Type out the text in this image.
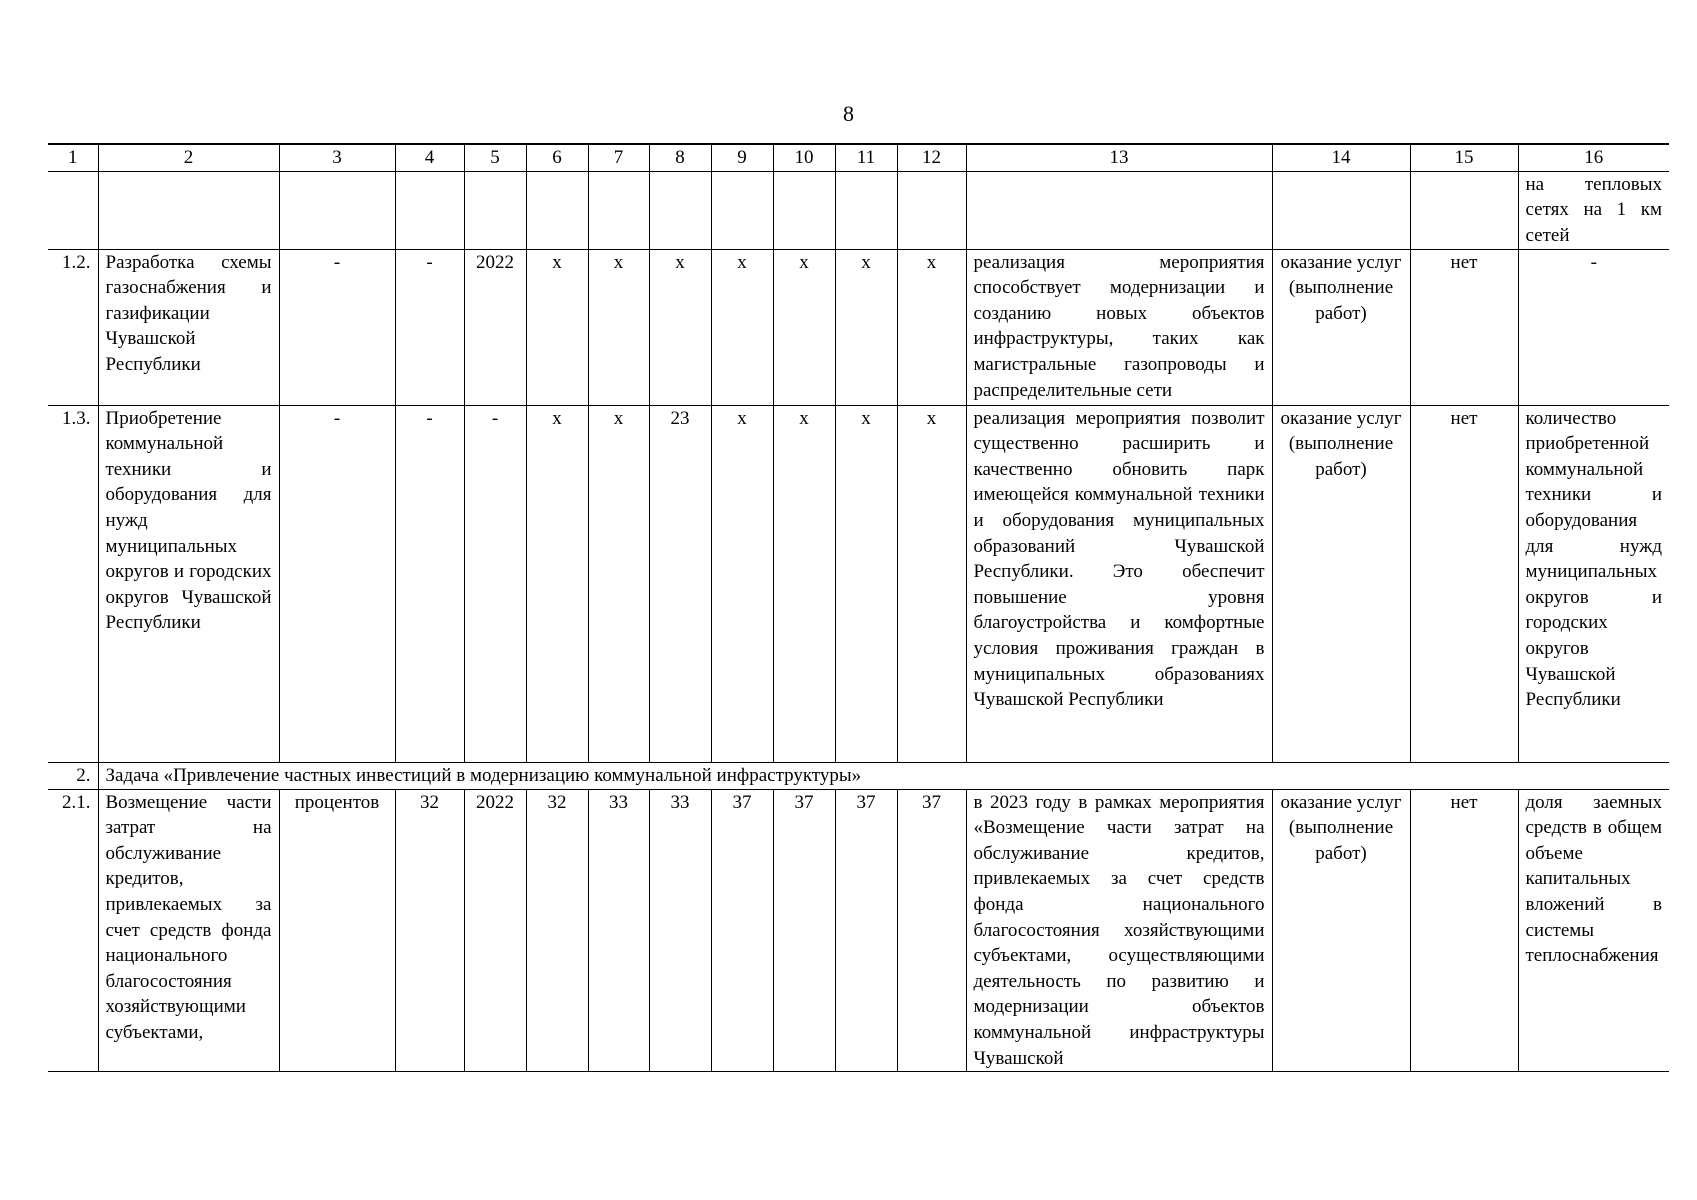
8
1	2	3	4	5	6	7	8	9	10	11	12	13	14	15	16
															на тепловых сетях на 1 км сетей
1.2.	Разработка схемы газоснабжения и газификации Чувашской Республики	-	-	2022	x	x	x	x	x	x	x	реализация мероприятия способствует модернизации и созданию новых объектов инфраструктуры, таких как магистральные газопроводы и распределительные сети	оказание услуг (выполнение работ)	нет	-
1.3.	Приобретение коммунальной техники и оборудования для нужд муниципальных округов и городских округов Чувашской Республики	-	-	-	x	x	23	x	x	x	x	реализация мероприятия позволит существенно расширить и качественно обновить парк имеющейся коммунальной техники и оборудования муниципальных образований Чувашской Республики. Это обеспечит повышение уровня благоустройства и комфортные условия проживания граждан в муниципальных образованиях Чувашской Республики	оказание услуг (выполнение работ)	нет	количество приобретенной коммунальной техники и оборудования для нужд муниципальных округов и городских округов Чувашской Республики
2.	Задача «Привлечение частных инвестиций в модернизацию коммунальной инфраструктуры»														
2.1.	Возмещение части затрат на обслуживание кредитов, привлекаемых за счет средств фонда национального благосостояния хозяйствующими субъектами,	процентов	32	2022	32	33	33	37	37	37	37	в 2023 году в рамках мероприятия «Возмещение части затрат на обслуживание кредитов, привлекаемых за счет средств фонда национального благосостояния хозяйствующими субъектами, осуществляющими деятельность по развитию и модернизации объектов коммунальной инфраструктуры Чувашской	оказание услуг (выполнение работ)	нет	доля заемных средств в общем объеме капитальных вложений в системы теплоснабжения
